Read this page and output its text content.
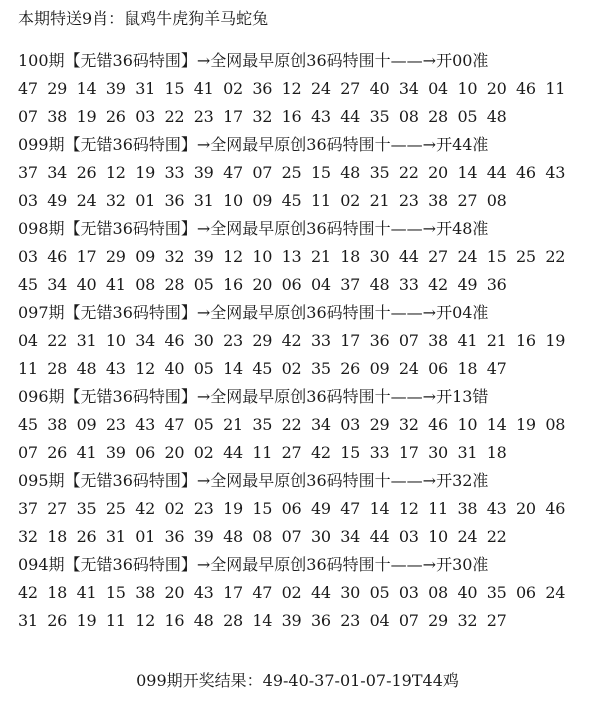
本期特送9肖：鼠鸡牛虎狗羊马蛇兔
100期【无错36码特围】→全网最早原创36码特围十——→开00准
47 29 14 39 31 15 41 02 36 12 24 27 40 34 04 10 20 46 11
07 38 19 26 03 22 23 17 32 16 43 44 35 08 28 05 48
099期【无错36码特围】→全网最早原创36码特围十——→开44准
37 34 26 12 19 33 39 47 07 25 15 48 35 22 20 14 44 46 43
03 49 24 32 01 36 31 10 09 45 11 02 21 23 38 27 08
098期【无错36码特围】→全网最早原创36码特围十——→开48准
03 46 17 29 09 32 39 12 10 13 21 18 30 44 27 24 15 25 22
45 34 40 41 08 28 05 16 20 06 04 37 48 33 42 49 36
097期【无错36码特围】→全网最早原创36码特围十——→开04准
04 22 31 10 34 46 30 23 29 42 33 17 36 07 38 41 21 16 19
11 28 48 43 12 40 05 14 45 02 35 26 09 24 06 18 47
096期【无错36码特围】→全网最早原创36码特围十——→开13错
45 38 09 23 43 47 05 21 35 22 34 03 29 32 46 10 14 19 08
07 26 41 39 06 20 02 44 11 27 42 15 33 17 30 31 18
095期【无错36码特围】→全网最早原创36码特围十——→开32准
37 27 35 25 42 02 23 19 15 06 49 47 14 12 11 38 43 20 46
32 18 26 31 01 36 39 48 08 07 30 34 44 03 10 24 22
094期【无错36码特围】→全网最早原创36码特围十——→开30准
42 18 41 15 38 20 43 17 47 02 44 30 05 03 08 40 35 06 24
31 26 19 11 12 16 48 28 14 39 36 23 04 07 29 32 27
099期开奖结果：49-40-37-01-07-19T44鸡
